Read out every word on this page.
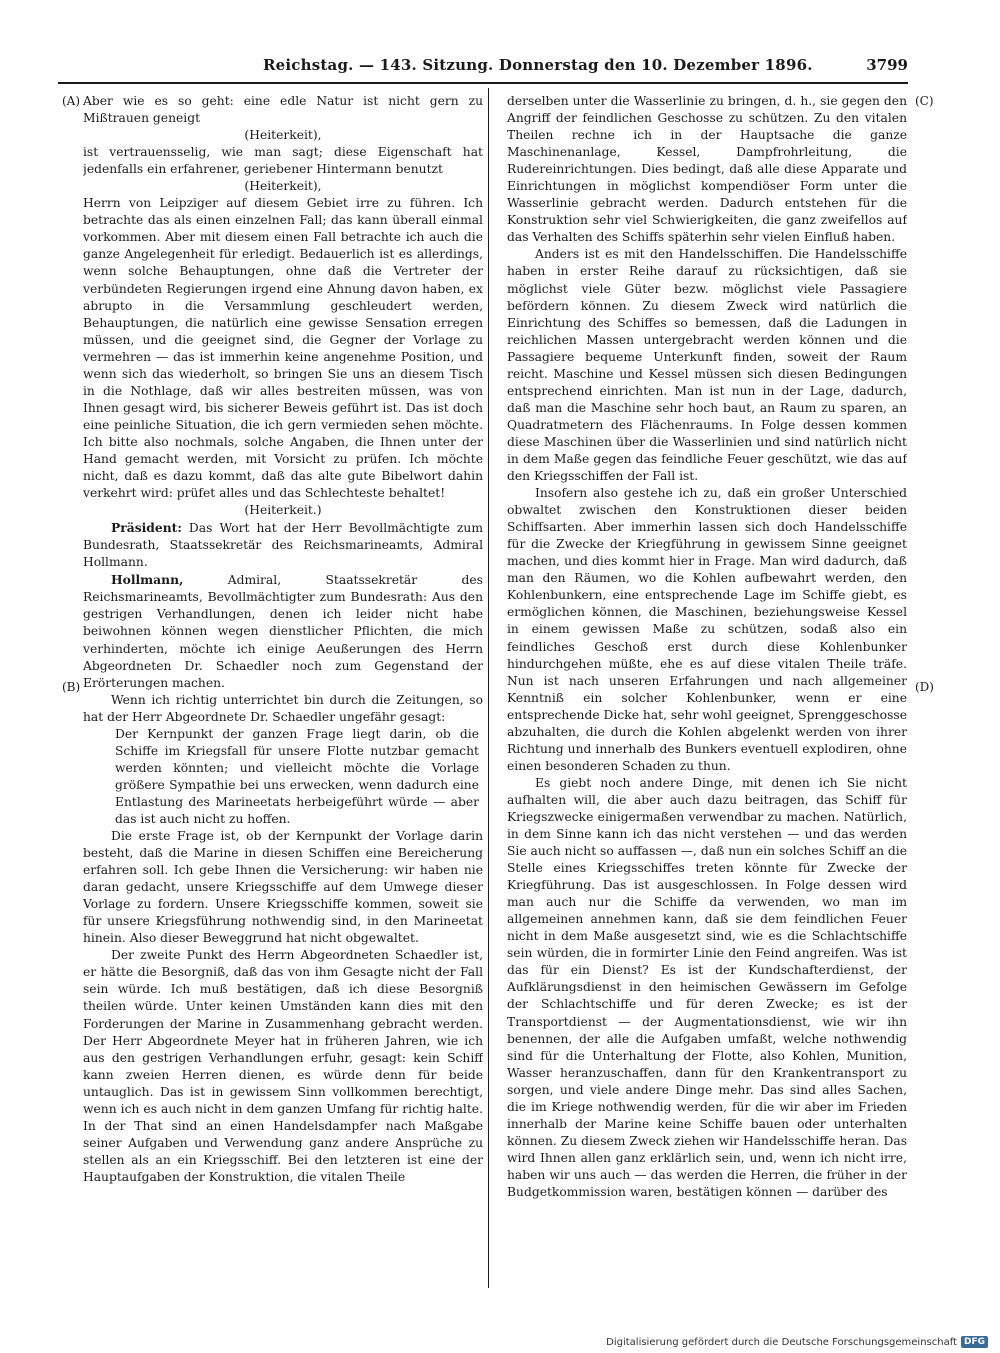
Reichstag. — 143. Sitzung. Donnerstag den 10. Dezember 1896.	3799
(A)
(B)
(C)
(D)

Aber wie es so geht: eine edle Natur ist nicht gern zu Mißtrauen geneigt

(Heiterkeit),

ist vertrauensselig, wie man sagt; diese Eigenschaft hat jedenfalls ein erfahrener, geriebener Hintermann benutzt

(Heiterkeit),

Herrn von Leipziger auf diesem Gebiet irre zu führen. Ich betrachte das als einen einzelnen Fall; das kann überall einmal vorkommen. Aber mit diesem einen Fall betrachte ich auch die ganze Angelegenheit für erledigt. Bedauerlich ist es allerdings, wenn solche Behauptungen, ohne daß die Vertreter der verbündeten Regierungen irgend eine Ahnung davon haben, ex abrupto in die Versammlung geschleudert werden, Behauptungen, die natürlich eine gewisse Sensation erregen müssen, und die geeignet sind, die Gegner der Vorlage zu vermehren — das ist immerhin keine angenehme Position, und wenn sich das wiederholt, so bringen Sie uns an diesem Tisch in die Nothlage, daß wir alles bestreiten müssen, was von Ihnen gesagt wird, bis sicherer Beweis geführt ist. Das ist doch eine peinliche Situation, die ich gern vermieden sehen möchte. Ich bitte also nochmals, solche Angaben, die Ihnen unter der Hand gemacht werden, mit Vorsicht zu prüfen. Ich möchte nicht, daß es dazu kommt, daß das alte gute Bibelwort dahin verkehrt wird: prüfet alles und das Schlechteste behaltet!

(Heiterkeit.)

Präsident: Das Wort hat der Herr Bevollmächtigte zum Bundesrath, Staatssekretär des Reichsmarineamts, Admiral Hollmann.

Hollmann, Admiral, Staatssekretär des Reichsmarineamts, Bevollmächtigter zum Bundesrath: Aus den gestrigen Verhandlungen, denen ich leider nicht habe beiwohnen können wegen dienstlicher Pflichten, die mich verhinderten, möchte ich einige Aeußerungen des Herrn Abgeordneten Dr. Schaedler noch zum Gegenstand der Erörterungen machen.

Wenn ich richtig unterrichtet bin durch die Zeitungen, so hat der Herr Abgeordnete Dr. Schaedler ungefähr gesagt:

Der Kernpunkt der ganzen Frage liegt darin, ob die Schiffe im Kriegsfall für unsere Flotte nutzbar gemacht werden könnten; und vielleicht möchte die Vorlage größere Sympathie bei uns erwecken, wenn dadurch eine Entlastung des Marineetats herbeigeführt würde — aber das ist auch nicht zu hoffen.

Die erste Frage ist, ob der Kernpunkt der Vorlage darin besteht, daß die Marine in diesen Schiffen eine Bereicherung erfahren soll. Ich gebe Ihnen die Versicherung: wir haben nie daran gedacht, unsere Kriegsschiffe auf dem Umwege dieser Vorlage zu fordern. Unsere Kriegsschiffe kommen, soweit sie für unsere Kriegsführung nothwendig sind, in den Marineetat hinein. Also dieser Beweggrund hat nicht obgewaltet.

Der zweite Punkt des Herrn Abgeordneten Schaedler ist, er hätte die Besorgniß, daß das von ihm Gesagte nicht der Fall sein würde. Ich muß bestätigen, daß ich diese Besorgniß theilen würde. Unter keinen Umständen kann dies mit den Forderungen der Marine in Zusammenhang gebracht werden. Der Herr Abgeordnete Meyer hat in früheren Jahren, wie ich aus den gestrigen Verhandlungen erfuhr, gesagt: kein Schiff kann zweien Herren dienen, es würde denn für beide untauglich. Das ist in gewissem Sinn vollkommen berechtigt, wenn ich es auch nicht in dem ganzen Umfang für richtig halte. In der That sind an einen Handelsdampfer nach Maßgabe seiner Aufgaben und Verwendung ganz andere Ansprüche zu stellen als an ein Kriegsschiff. Bei den letzteren ist eine der Hauptaufgaben der Konstruktion, die vitalen Theile

derselben unter die Wasserlinie zu bringen, d. h., sie gegen den Angriff der feindlichen Geschosse zu schützen. Zu den vitalen Theilen rechne ich in der Hauptsache die ganze Maschinenanlage, Kessel, Dampfrohrleitung, die Rudereinrichtungen. Dies bedingt, daß alle diese Apparate und Einrichtungen in möglichst kompendiöser Form unter die Wasserlinie gebracht werden. Dadurch entstehen für die Konstruktion sehr viel Schwierigkeiten, die ganz zweifellos auf das Verhalten des Schiffs späterhin sehr vielen Einfluß haben.

Anders ist es mit den Handelsschiffen. Die Handelsschiffe haben in erster Reihe darauf zu rücksichtigen, daß sie möglichst viele Güter bezw. möglichst viele Passagiere befördern können. Zu diesem Zweck wird natürlich die Einrichtung des Schiffes so bemessen, daß die Ladungen in reichlichen Massen untergebracht werden können und die Passagiere bequeme Unterkunft finden, soweit der Raum reicht. Maschine und Kessel müssen sich diesen Bedingungen entsprechend einrichten. Man ist nun in der Lage, dadurch, daß man die Maschine sehr hoch baut, an Raum zu sparen, an Quadratmetern des Flächenraums. In Folge dessen kommen diese Maschinen über die Wasserlinien und sind natürlich nicht in dem Maße gegen das feindliche Feuer geschützt, wie das auf den Kriegsschiffen der Fall ist.

Insofern also gestehe ich zu, daß ein großer Unterschied obwaltet zwischen den Konstruktionen dieser beiden Schiffsarten. Aber immerhin lassen sich doch Handelsschiffe für die Zwecke der Kriegführung in gewissem Sinne geeignet machen, und dies kommt hier in Frage. Man wird dadurch, daß man den Räumen, wo die Kohlen aufbewahrt werden, den Kohlenbunkern, eine entsprechende Lage im Schiffe giebt, es ermöglichen können, die Maschinen, beziehungsweise Kessel in einem gewissen Maße zu schützen, sodaß also ein feindliches Geschoß erst durch diese Kohlenbunker hindurchgehen müßte, ehe es auf diese vitalen Theile träfe. Nun ist nach unseren Erfahrungen und nach allgemeiner Kenntniß ein solcher Kohlenbunker, wenn er eine entsprechende Dicke hat, sehr wohl geeignet, Sprenggeschosse abzuhalten, die durch die Kohlen abgelenkt werden von ihrer Richtung und innerhalb des Bunkers eventuell explodiren, ohne einen besonderen Schaden zu thun.

Es giebt noch andere Dinge, mit denen ich Sie nicht aufhalten will, die aber auch dazu beitragen, das Schiff für Kriegszwecke einigermaßen verwendbar zu machen. Natürlich, in dem Sinne kann ich das nicht verstehen — und das werden Sie auch nicht so auffassen —, daß nun ein solches Schiff an die Stelle eines Kriegsschiffes treten könnte für Zwecke der Kriegführung. Das ist ausgeschlossen. In Folge dessen wird man auch nur die Schiffe da verwenden, wo man im allgemeinen annehmen kann, daß sie dem feindlichen Feuer nicht in dem Maße ausgesetzt sind, wie es die Schlachtschiffe sein würden, die in formirter Linie den Feind angreifen. Was ist das für ein Dienst? Es ist der Kundschafterdienst, der Aufklärungsdienst in den heimischen Gewässern im Gefolge der Schlachtschiffe und für deren Zwecke; es ist der Transportdienst — der Augmentationsdienst, wie wir ihn benennen, der alle die Aufgaben umfaßt, welche nothwendig sind für die Unterhaltung der Flotte, also Kohlen, Munition, Wasser heranzuschaffen, dann für den Krankentransport zu sorgen, und viele andere Dinge mehr. Das sind alles Sachen, die im Kriege nothwendig werden, für die wir aber im Frieden innerhalb der Marine keine Schiffe bauen oder unterhalten können. Zu diesem Zweck ziehen wir Handelsschiffe heran. Das wird Ihnen allen ganz erklärlich sein, und, wenn ich nicht irre, haben wir uns auch — das werden die Herren, die früher in der Budgetkommission waren, bestätigen können — darüber des

Digitalisierung gefördert durch die Deutsche Forschungsgemeinschaft DFG
